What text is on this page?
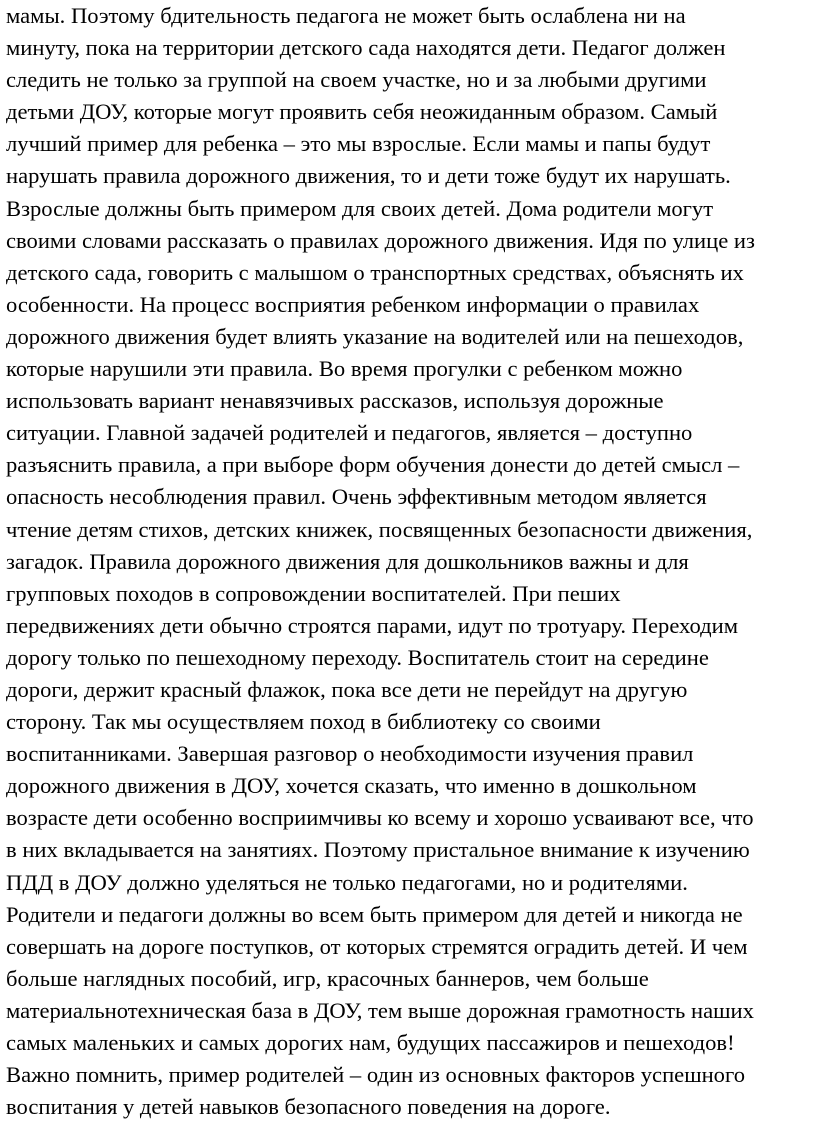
мамы. Поэтому бдительность педагога не может быть ослаблена ни на
минуту, пока на территории детского сада находятся дети. Педагог должен
следить не только за группой на своем участке, но и за любыми другими
детьми ДОУ, которые могут проявить себя неожиданным образом. Самый
лучший пример для ребенка – это мы взрослые. Если мамы и папы будут
нарушать правила дорожного движения, то и дети тоже будут их нарушать.
Взрослые должны быть примером для своих детей. Дома родители могут
своими словами рассказать о правилах дорожного движения. Идя по улице из
детского сада, говорить с малышом о транспортных средствах, объяснять их
особенности. На процесс восприятия ребенком информации о правилах
дорожного движения будет влиять указание на водителей или на пешеходов,
которые нарушили эти правила. Во время прогулки с ребенком можно
использовать вариант ненавязчивых рассказов, используя дорожные
ситуации. Главной задачей родителей и педагогов, является – доступно
разъяснить правила, а при выборе форм обучения донести до детей смысл –
опасность несоблюдения правил. Очень эффективным методом является
чтение детям стихов, детских книжек, посвященных безопасности движения,
загадок. Правила дорожного движения для дошкольников важны и для
групповых походов в сопровождении воспитателей. При пеших
передвижениях дети обычно строятся парами, идут по тротуару. Переходим
дорогу только по пешеходному переходу. Воспитатель стоит на середине
дороги, держит красный флажок, пока все дети не перейдут на другую
сторону. Так мы осуществляем поход в библиотеку со своими
воспитанниками. Завершая разговор о необходимости изучения правил
дорожного движения в ДОУ, хочется сказать, что именно в дошкольном
возрасте дети особенно восприимчивы ко всему и хорошо усваивают все, что
в них вкладывается на занятиях. Поэтому пристальное внимание к изучению
ПДД в ДОУ должно уделяться не только педагогами, но и родителями.
Родители и педагоги должны во всем быть примером для детей и никогда не
совершать на дороге поступков, от которых стремятся оградить детей. И чем
больше наглядных пособий, игр, красочных баннеров, чем больше
материальнотехническая база в ДОУ, тем выше дорожная грамотность наших
самых маленьких и самых дорогих нам, будущих пассажиров и пешеходов!
Важно помнить, пример родителей – один из основных факторов успешного
воспитания у детей навыков безопасного поведения на дороге.
